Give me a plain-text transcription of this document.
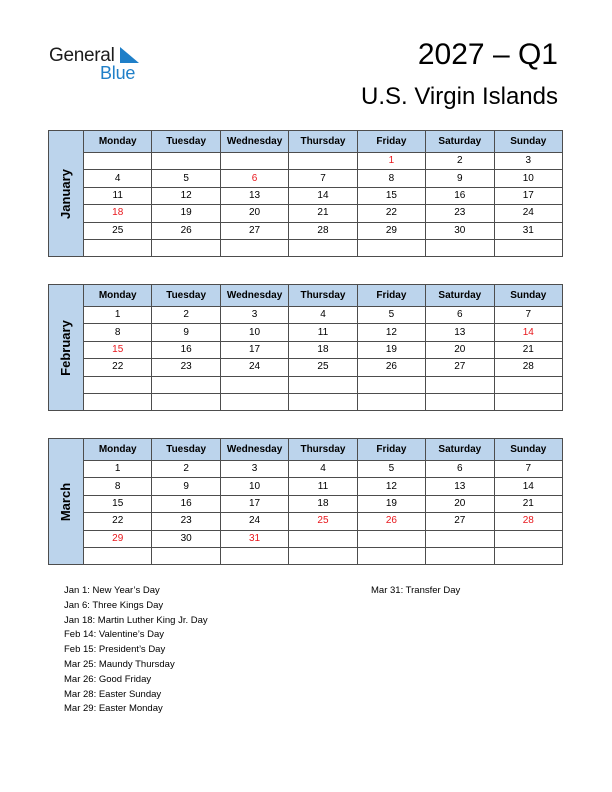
General
Blue
2027 – Q1
U.S. Virgin Islands
January	Monday	Tuesday	Wednesday	Thursday	Friday	Saturday	Sunday
					1	2	3
	4	5	6	7	8	9	10
	11	12	13	14	15	16	17
	18	19	20	21	22	23	24
	25	26	27	28	29	30	31

February	Monday	Tuesday	Wednesday	Thursday	Friday	Saturday	Sunday
	1	2	3	4	5	6	7
	8	9	10	11	12	13	14
	15	16	17	18	19	20	21
	22	23	24	25	26	27	28

March	Monday	Tuesday	Wednesday	Thursday	Friday	Saturday	Sunday
	1	2	3	4	5	6	7
	8	9	10	11	12	13	14
	15	16	17	18	19	20	21
	22	23	24	25	26	27	28
	29	30	31				

Jan 1: New Year’s Day
Jan 6: Three Kings Day
Jan 18: Martin Luther King Jr. Day
Feb 14: Valentine’s Day
Feb 15: President’s Day
Mar 25: Maundy Thursday
Mar 26: Good Friday
Mar 28: Easter Sunday
Mar 29: Easter Monday
Mar 31: Transfer Day
